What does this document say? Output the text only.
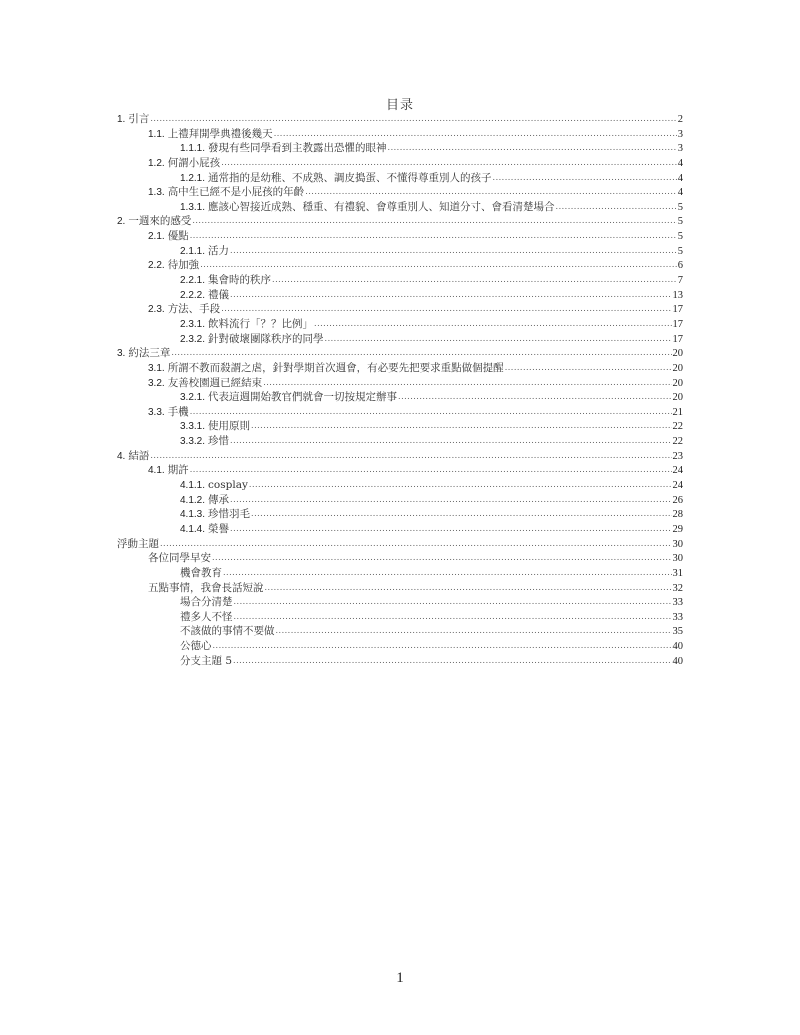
目录
1. 引言 .....	2
1.1. 上禮拜開學典禮後幾天 .....	3
1.1.1. 發現有些同學看到主教露出恐懼的眼神 .....	3
1.2. 何謂小屁孩 .....	4
1.2.1. 通常指的是幼稚、不成熟、調皮搗蛋、不懂得尊重別人的孩子 .....	4
1.3. 高中生已經不是小屁孩的年齡 .....	4
1.3.1. 應該心智接近成熟、穩重、有禮貌、會尊重別人、知道分寸、會看清楚場合 .....	5
2. 一週來的感受 .....	5
2.1. 優點 .....	5
2.1.1. 活力 .....	5
2.2. 待加強 .....	6
2.2.1. 集會時的秩序 .....	7
2.2.2. 禮儀 .....	13
2.3. 方法、手段 .....	17
2.3.1. 飲料流行「？？比例」 .....	17
2.3.2. 針對破壞團隊秩序的同學 .....	17
3. 約法三章 .....	20
3.1. 所謂不教而殺謂之虐，針對學期首次週會，有必要先把要求重點做個提醒 .....	20
3.2. 友善校園週已經結束 .....	20
3.2.1. 代表這週開始教官們就會一切按規定辦事 .....	20
3.3. 手機 .....	21
3.3.1. 使用原則 .....	22
3.3.2. 珍惜 .....	22
4. 結語 .....	23
4.1. 期許 .....	24
4.1.1. cosplay .....	24
4.1.2. 傳承 .....	26
4.1.3. 珍惜羽毛 .....	28
4.1.4. 榮譽 .....	29
浮動主題 .....	30
各位同學早安 .....	30
機會教育 .....	31
五點事情，我會長話短說 .....	32
場合分清楚 .....	33
禮多人不怪 .....	33
不該做的事情不要做 .....	35
公德心 .....	40
分支主題 5 .....	40
1
